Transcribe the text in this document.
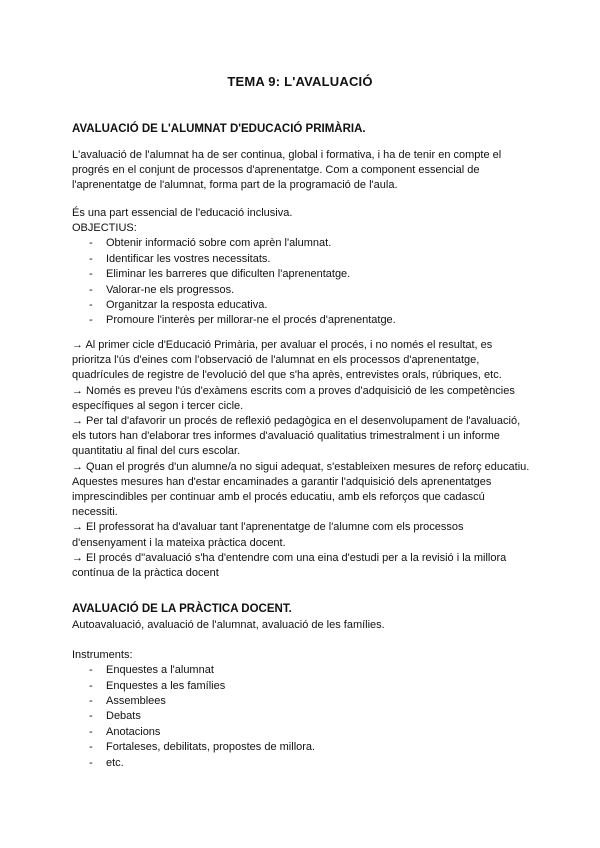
TEMA 9: L'AVALUACIÓ
AVALUACIÓ DE L'ALUMNAT D'EDUCACIÓ PRIMÀRIA.

L'avaluació de l'alumnat ha de ser continua, global i formativa, i ha de tenir en compte el progrés en el conjunt de processos d'aprenentatge. Com a component essencial de l'aprenentatge de l'alumnat, forma part de la programació de l'aula.

És una part essencial de l'educació inclusiva.

OBJECTIUS:

- Obtenir informació sobre com aprèn l'alumnat.
- Identificar les vostres necessitats.
- Eliminar les barreres que dificulten l'aprenentatge.
- Valorar-ne els progressos.
- Organitzar la resposta educativa.
- Promoure l'interès per millorar-ne el procés d'aprenentatge.

→ Al primer cicle d'Educació Primària, per avaluar el procés, i no només el resultat, es prioritza l'ús d'eines com l'observació de l'alumnat en els processos d'aprenentatge, quadrícules de registre de l'evolució del que s'ha après, entrevistes orals, rúbriques, etc.

→ Només es preveu l'ús d'exàmens escrits com a proves d'adquisició de les competències específiques al segon i tercer cicle.

→ Per tal d'afavorir un procés de reflexió pedagògica en el desenvolupament de l'avaluació, els tutors han d'elaborar tres informes d'avaluació qualitatius trimestralment i un informe quantitatiu al final del curs escolar.

→ Quan el progrés d'un alumne/a no sigui adequat, s'estableixen mesures de reforç educatiu. Aquestes mesures han d'estar encaminades a garantir l'adquisició dels aprenentatges imprescindibles per continuar amb el procés educatiu, amb els reforços que cadascú necessiti.

→ El professorat ha d'avaluar tant l'aprenentatge de l'alumne com els processos d'ensenyament i la mateixa pràctica docent.

→ El procés d''avaluació s'ha d'entendre com una eina d'estudi per a la revisió i la millora contínua de la pràctica docent

AVALUACIÓ DE LA PRÀCTICA DOCENT.
Autoavaluació, avaluació de l'alumnat, avaluació de les famílies.

Instruments:

- Enquestes a l'alumnat
- Enquestes a les famílies
- Assemblees
- Debats
- Anotacions
- Fortaleses, debilitats, propostes de millora.
- etc.
